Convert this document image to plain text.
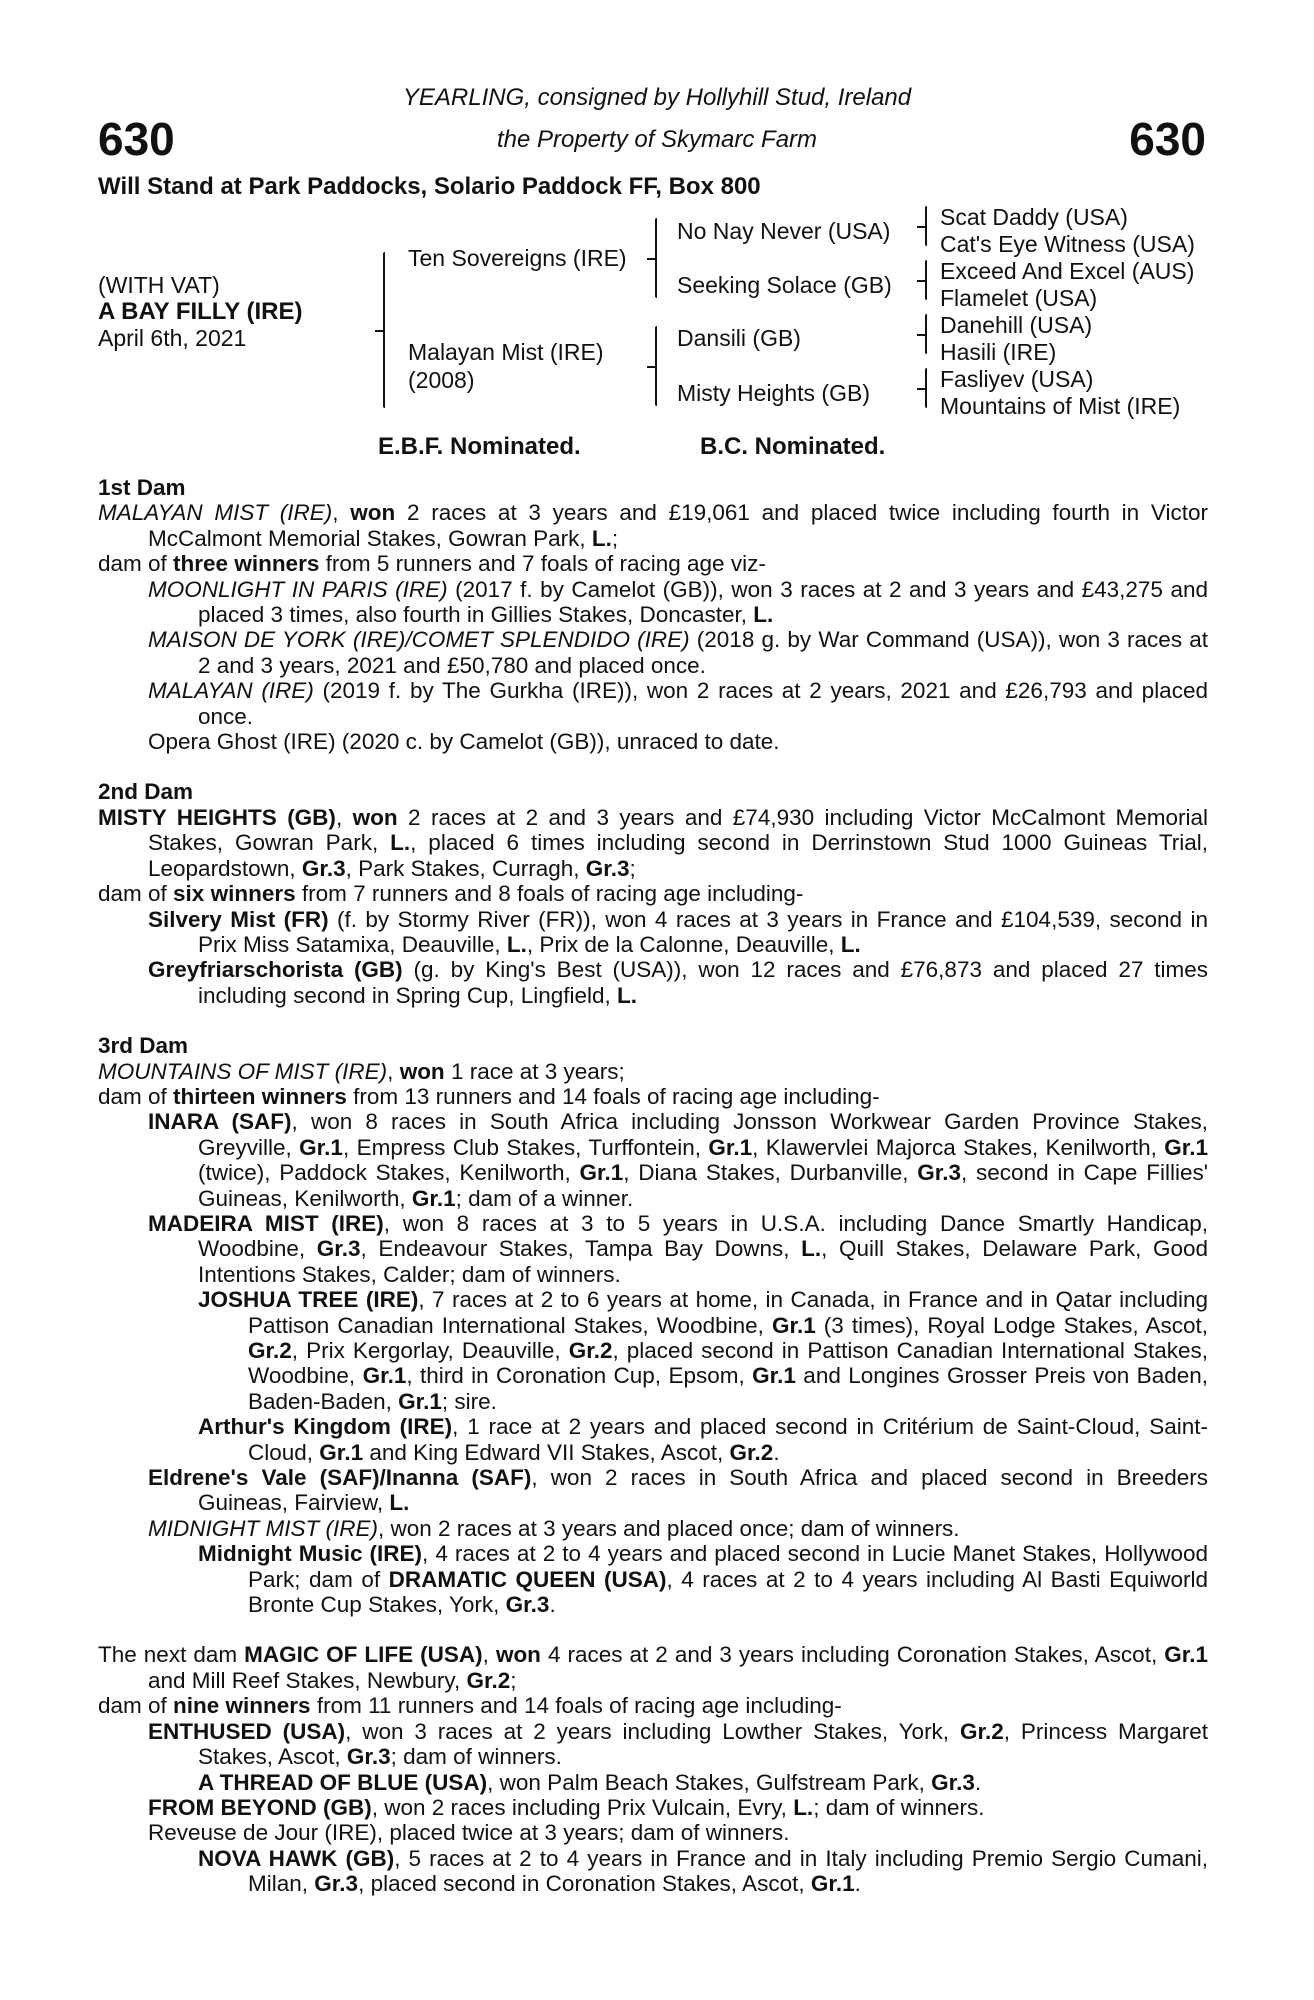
630	630
YEARLING, consigned by Hollyhill Stud, Ireland
the Property of Skymarc Farm
Will Stand at Park Paddocks, Solario Paddock FF, Box 800
(WITH VAT)
A BAY FILLY (IRE)
April 6th, 2021
Ten Sovereigns (IRE)
Malayan Mist (IRE)
(2008)
No Nay Never (USA)
Seeking Solace (GB)
Dansili (GB)
Misty Heights (GB)
Scat Daddy (USA)
Cat's Eye Witness (USA)
Exceed And Excel (AUS)
Flamelet (USA)
Danehill (USA)
Hasili (IRE)
Fasliyev (USA)
Mountains of Mist (IRE)
E.B.F. Nominated.	B.C. Nominated.
1st Dam

MALAYAN MIST (IRE), won 2 races at 3 years and £19,061 and placed twice including fourth in Victor McCalmont Memorial Stakes, Gowran Park, L.;

dam of three winners from 5 runners and 7 foals of racing age viz-

MOONLIGHT IN PARIS (IRE) (2017 f. by Camelot (GB)), won 3 races at 2 and 3 years and £43,275 and placed 3 times, also fourth in Gillies Stakes, Doncaster, L.

MAISON DE YORK (IRE)/COMET SPLENDIDO (IRE) (2018 g. by War Command (USA)), won 3 races at 2 and 3 years, 2021 and £50,780 and placed once.

MALAYAN (IRE) (2019 f. by The Gurkha (IRE)), won 2 races at 2 years, 2021 and £26,793 and placed once.

Opera Ghost (IRE) (2020 c. by Camelot (GB)), unraced to date.

2nd Dam

MISTY HEIGHTS (GB), won 2 races at 2 and 3 years and £74,930 including Victor McCalmont Memorial Stakes, Gowran Park, L., placed 6 times including second in Derrinstown Stud 1000 Guineas Trial, Leopardstown, Gr.3, Park Stakes, Curragh, Gr.3;

dam of six winners from 7 runners and 8 foals of racing age including-

Silvery Mist (FR) (f. by Stormy River (FR)), won 4 races at 3 years in France and £104,539, second in Prix Miss Satamixa, Deauville, L., Prix de la Calonne, Deauville, L.

Greyfriarschorista (GB) (g. by King's Best (USA)), won 12 races and £76,873 and placed 27 times including second in Spring Cup, Lingfield, L.

3rd Dam

MOUNTAINS OF MIST (IRE), won 1 race at 3 years;

dam of thirteen winners from 13 runners and 14 foals of racing age including-

INARA (SAF), won 8 races in South Africa including Jonsson Workwear Garden Province Stakes, Greyville, Gr.1, Empress Club Stakes, Turffontein, Gr.1, Klawervlei Majorca Stakes, Kenilworth, Gr.1 (twice), Paddock Stakes, Kenilworth, Gr.1, Diana Stakes, Durbanville, Gr.3, second in Cape Fillies' Guineas, Kenilworth, Gr.1; dam of a winner.

MADEIRA MIST (IRE), won 8 races at 3 to 5 years in U.S.A. including Dance Smartly Handicap, Woodbine, Gr.3, Endeavour Stakes, Tampa Bay Downs, L., Quill Stakes, Delaware Park, Good Intentions Stakes, Calder; dam of winners.

JOSHUA TREE (IRE), 7 races at 2 to 6 years at home, in Canada, in France and in Qatar including Pattison Canadian International Stakes, Woodbine, Gr.1 (3 times), Royal Lodge Stakes, Ascot, Gr.2, Prix Kergorlay, Deauville, Gr.2, placed second in Pattison Canadian International Stakes, Woodbine, Gr.1, third in Coronation Cup, Epsom, Gr.1 and Longines Grosser Preis von Baden, Baden-Baden, Gr.1; sire.

Arthur's Kingdom (IRE), 1 race at 2 years and placed second in Critérium de Saint-Cloud, Saint-Cloud, Gr.1 and King Edward VII Stakes, Ascot, Gr.2.

Eldrene's Vale (SAF)/Inanna (SAF), won 2 races in South Africa and placed second in Breeders Guineas, Fairview, L.

MIDNIGHT MIST (IRE), won 2 races at 3 years and placed once; dam of winners.

Midnight Music (IRE), 4 races at 2 to 4 years and placed second in Lucie Manet Stakes, Hollywood Park; dam of DRAMATIC QUEEN (USA), 4 races at 2 to 4 years including Al Basti Equiworld Bronte Cup Stakes, York, Gr.3.

The next dam MAGIC OF LIFE (USA), won 4 races at 2 and 3 years including Coronation Stakes, Ascot, Gr.1 and Mill Reef Stakes, Newbury, Gr.2;

dam of nine winners from 11 runners and 14 foals of racing age including-

ENTHUSED (USA), won 3 races at 2 years including Lowther Stakes, York, Gr.2, Princess Margaret Stakes, Ascot, Gr.3; dam of winners.

A THREAD OF BLUE (USA), won Palm Beach Stakes, Gulfstream Park, Gr.3.

FROM BEYOND (GB), won 2 races including Prix Vulcain, Evry, L.; dam of winners.

Reveuse de Jour (IRE), placed twice at 3 years; dam of winners.

NOVA HAWK (GB), 5 races at 2 to 4 years in France and in Italy including Premio Sergio Cumani, Milan, Gr.3, placed second in Coronation Stakes, Ascot, Gr.1.
